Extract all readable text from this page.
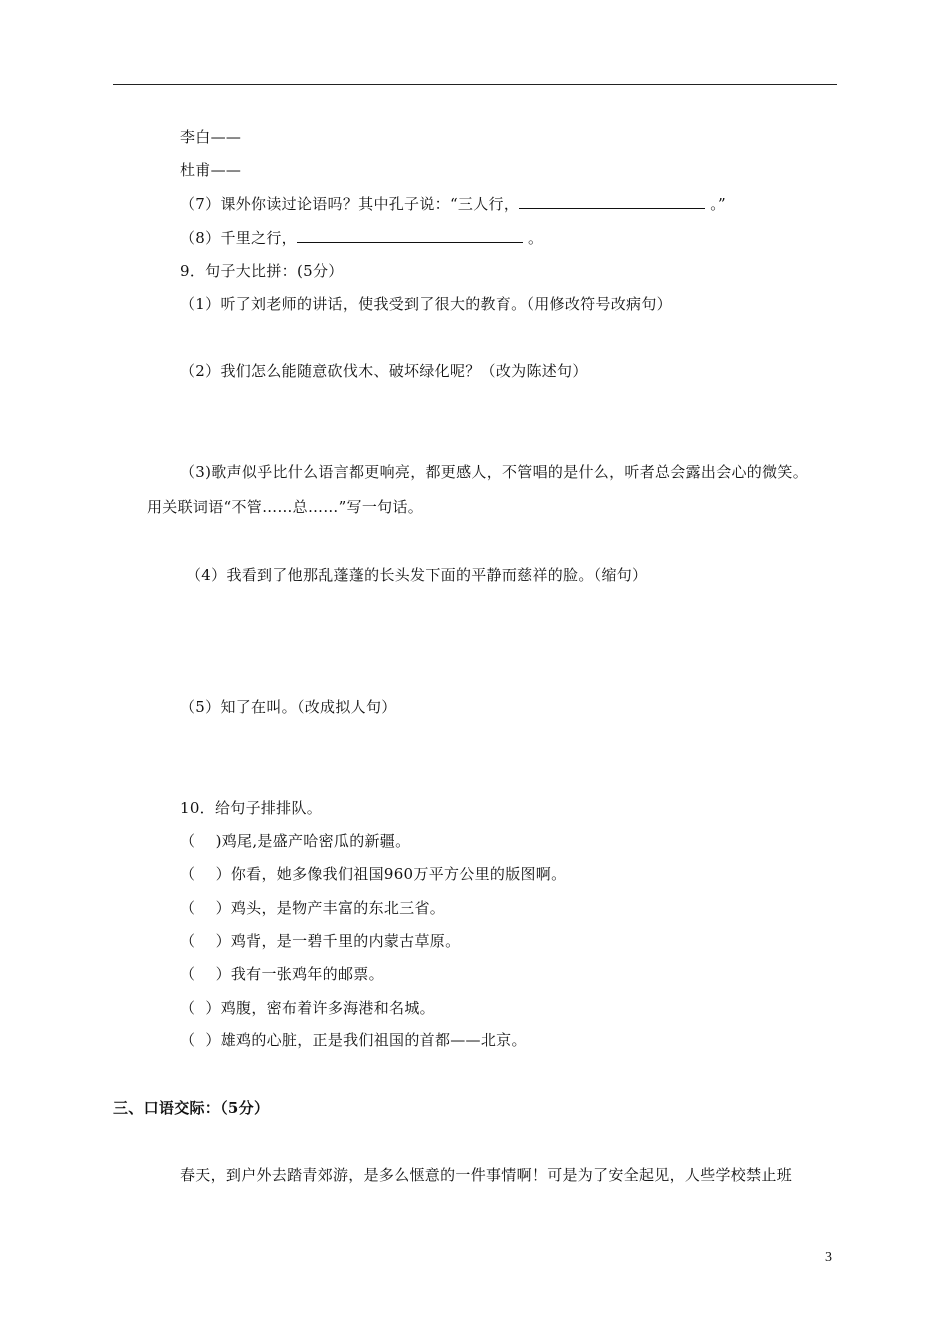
李白——
杜甫——
（7）课外你读过论语吗？其中孔子说：“三人行，	。”
（8）千里之行，	。
9．句子大比拼：(5分）
（1）听了刘老师的讲话，使我受到了很大的教育。（用修改符号改病句）
（2）我们怎么能随意砍伐木、破坏绿化呢？（改为陈述句）
（3)歌声似乎比什么语言都更响亮，都更感人，不管唱的是什么，听者总会露出会心的微笑。
用关联词语“不管……总……”写一句话。
（4）我看到了他那乱蓬蓬的长头发下面的平静而慈祥的脸。（缩句）
（5）知了在叫。（改成拟人句）
10．给句子排排队。
（    )鸡尾,是盛产哈密瓜的新疆。
（    ）你看，她多像我们祖国960万平方公里的版图啊。
（    ）鸡头，是物产丰富的东北三省。
（    ）鸡背，是一碧千里的内蒙古草原。
（    ）我有一张鸡年的邮票。
（  ）鸡腹，密布着许多海港和名城。
（  ）雄鸡的心脏，正是我们祖国的首都——北京。
三、口语交际：（5分）
春天，到户外去踏青郊游，是多么惬意的一件事情啊！可是为了安全起见，人些学校禁止班
3
